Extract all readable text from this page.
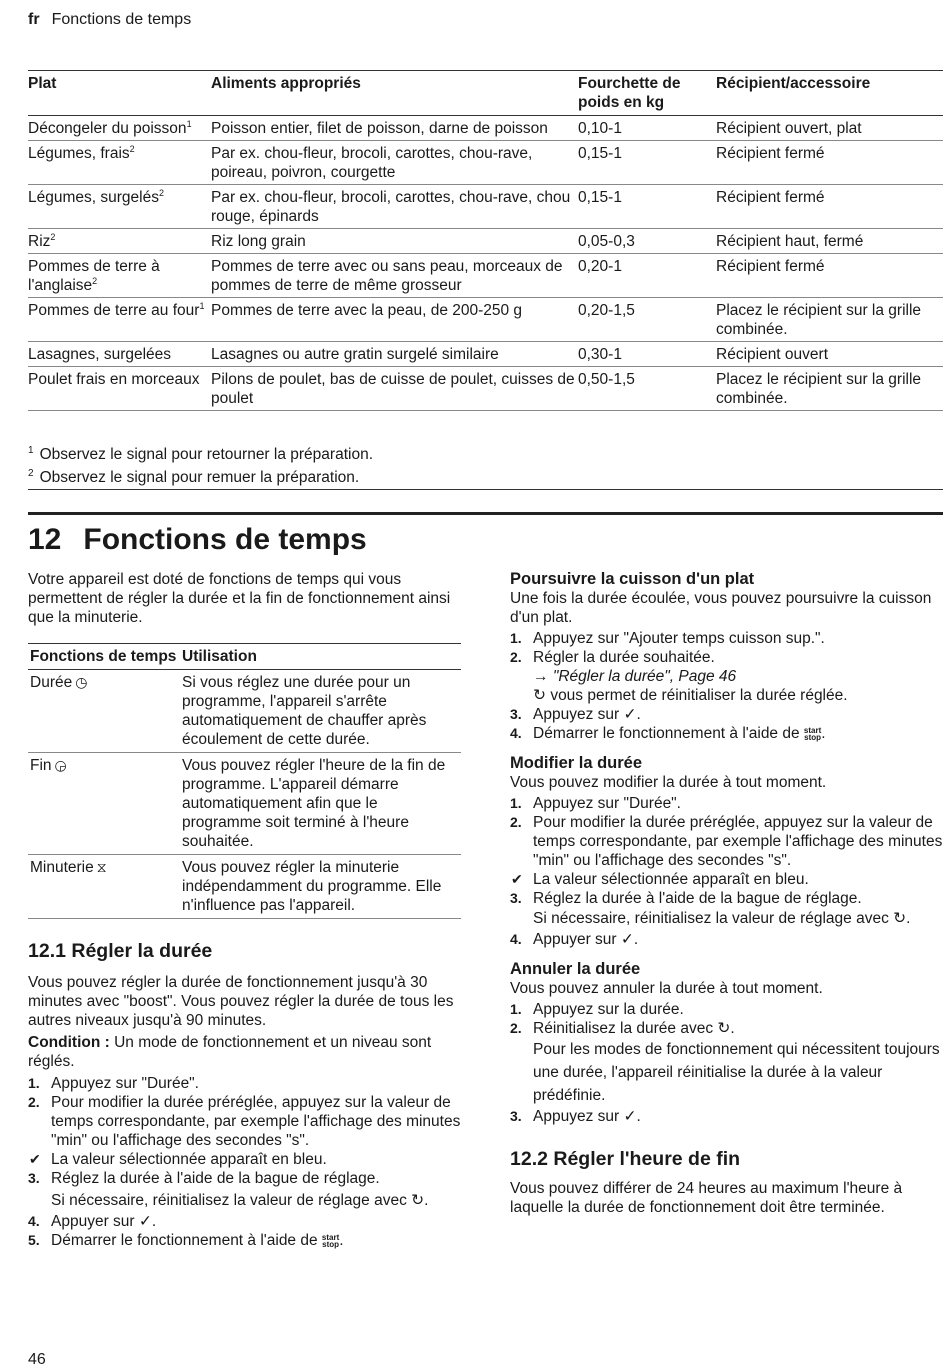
fr Fonctions de temps
Plat	Aliments appropriés	Fourchette de poids en kg	Récipient/accessoire
Décongeler du poisson$^1$	Poisson entier, filet de poisson, darne de poisson	0,10-1	Récipient ouvert, plat
Légumes, frais$^2$	Par ex. chou-fleur, brocoli, carottes, chou-rave, poireau, poivron, courgette	0,15-1	Récipient fermé
Légumes, surgelés$^2$	Par ex. chou-fleur, brocoli, carottes, chou-rave, chou rouge, épinards	0,15-1	Récipient fermé
Riz$^2$	Riz long grain	0,05-0,3	Récipient haut, fermé
Pommes de terre à l'anglaise$^2$	Pommes de terre avec ou sans peau, morceaux de pommes de terre de même grosseur	0,20-1	Récipient fermé
Pommes de terre au four$^1$	Pommes de terre avec la peau, de 200-250 g	0,20-1,5	Placez le récipient sur la grille combinée.
Lasagnes, surgelées	Lasagnes ou autre gratin surgelé similaire	0,30-1	Récipient ouvert
Poulet frais en morceaux	Pilons de poulet, bas de cuisse de poulet, cuisses de poulet	0,50-1,5	Placez le récipient sur la grille combinée.
$^1$ Observez le signal pour retourner la préparation.
$^2$ Observez le signal pour remuer la préparation.
12 Fonctions de temps

Votre appareil est doté de fonctions de temps qui vous permettent de régler la durée et la fin de fonctionnement ainsi que la minuterie.

Fonctions de temps	Utilisation
Durée ◷	Si vous réglez une durée pour un programme, l'appareil s'arrête automatiquement de chauffer après écoulement de cette durée.
Fin ◶	Vous pouvez régler l'heure de la fin de programme. L'appareil démarre automatiquement afin que le programme soit terminé à l'heure souhaitée.
Minuterie ⧖	Vous pouvez régler la minuterie indépendamment du programme. Elle n'influence pas l'appareil.
12.1 Régler la durée

Vous pouvez régler la durée de fonctionnement jusqu'à 30 minutes avec "boost". Vous pouvez régler la durée de tous les autres niveaux jusqu'à 90 minutes.

Condition : Un mode de fonctionnement et un niveau sont réglés.

1. Appuyez sur "Durée".
2. Pour modifier la durée préréglée, appuyez sur la valeur de temps correspondante, par exemple l'affichage des minutes "min" ou l'affichage des secondes "s".
✔ La valeur sélectionnée apparaît en bleu.
3. Réglez la durée à l'aide de la bague de réglage.
Si nécessaire, réinitialisez la valeur de réglage avec ↻.
4. Appuyer sur ✓.
5. Démarrer le fonctionnement à l'aide de start
stop.
Poursuivre la cuisson d'un plat

Une fois la durée écoulée, vous pouvez poursuivre la cuisson d'un plat.

1. Appuyez sur "Ajouter temps cuisson sup.".
2. Régler la durée souhaitée.
→ "Régler la durée", Page 46
↻ vous permet de réinitialiser la durée réglée.
3. Appuyez sur ✓.
4. Démarrer le fonctionnement à l'aide de start
stop.
Modifier la durée

Vous pouvez modifier la durée à tout moment.

1. Appuyez sur "Durée".
2. Pour modifier la durée préréglée, appuyez sur la valeur de temps correspondante, par exemple l'affichage des minutes "min" ou l'affichage des secondes "s".
✔ La valeur sélectionnée apparaît en bleu.
3. Réglez la durée à l'aide de la bague de réglage.
Si nécessaire, réinitialisez la valeur de réglage avec ↻.
4. Appuyer sur ✓.
Annuler la durée

Vous pouvez annuler la durée à tout moment.

1. Appuyez sur la durée.
2. Réinitialisez la durée avec ↻.
Pour les modes de fonctionnement qui nécessitent toujours une durée, l'appareil réinitialise la durée à la valeur prédéfinie.
3. Appuyez sur ✓.
12.2 Régler l'heure de fin

Vous pouvez différer de 24 heures au maximum l'heure à laquelle la durée de fonctionnement doit être terminée.

46
